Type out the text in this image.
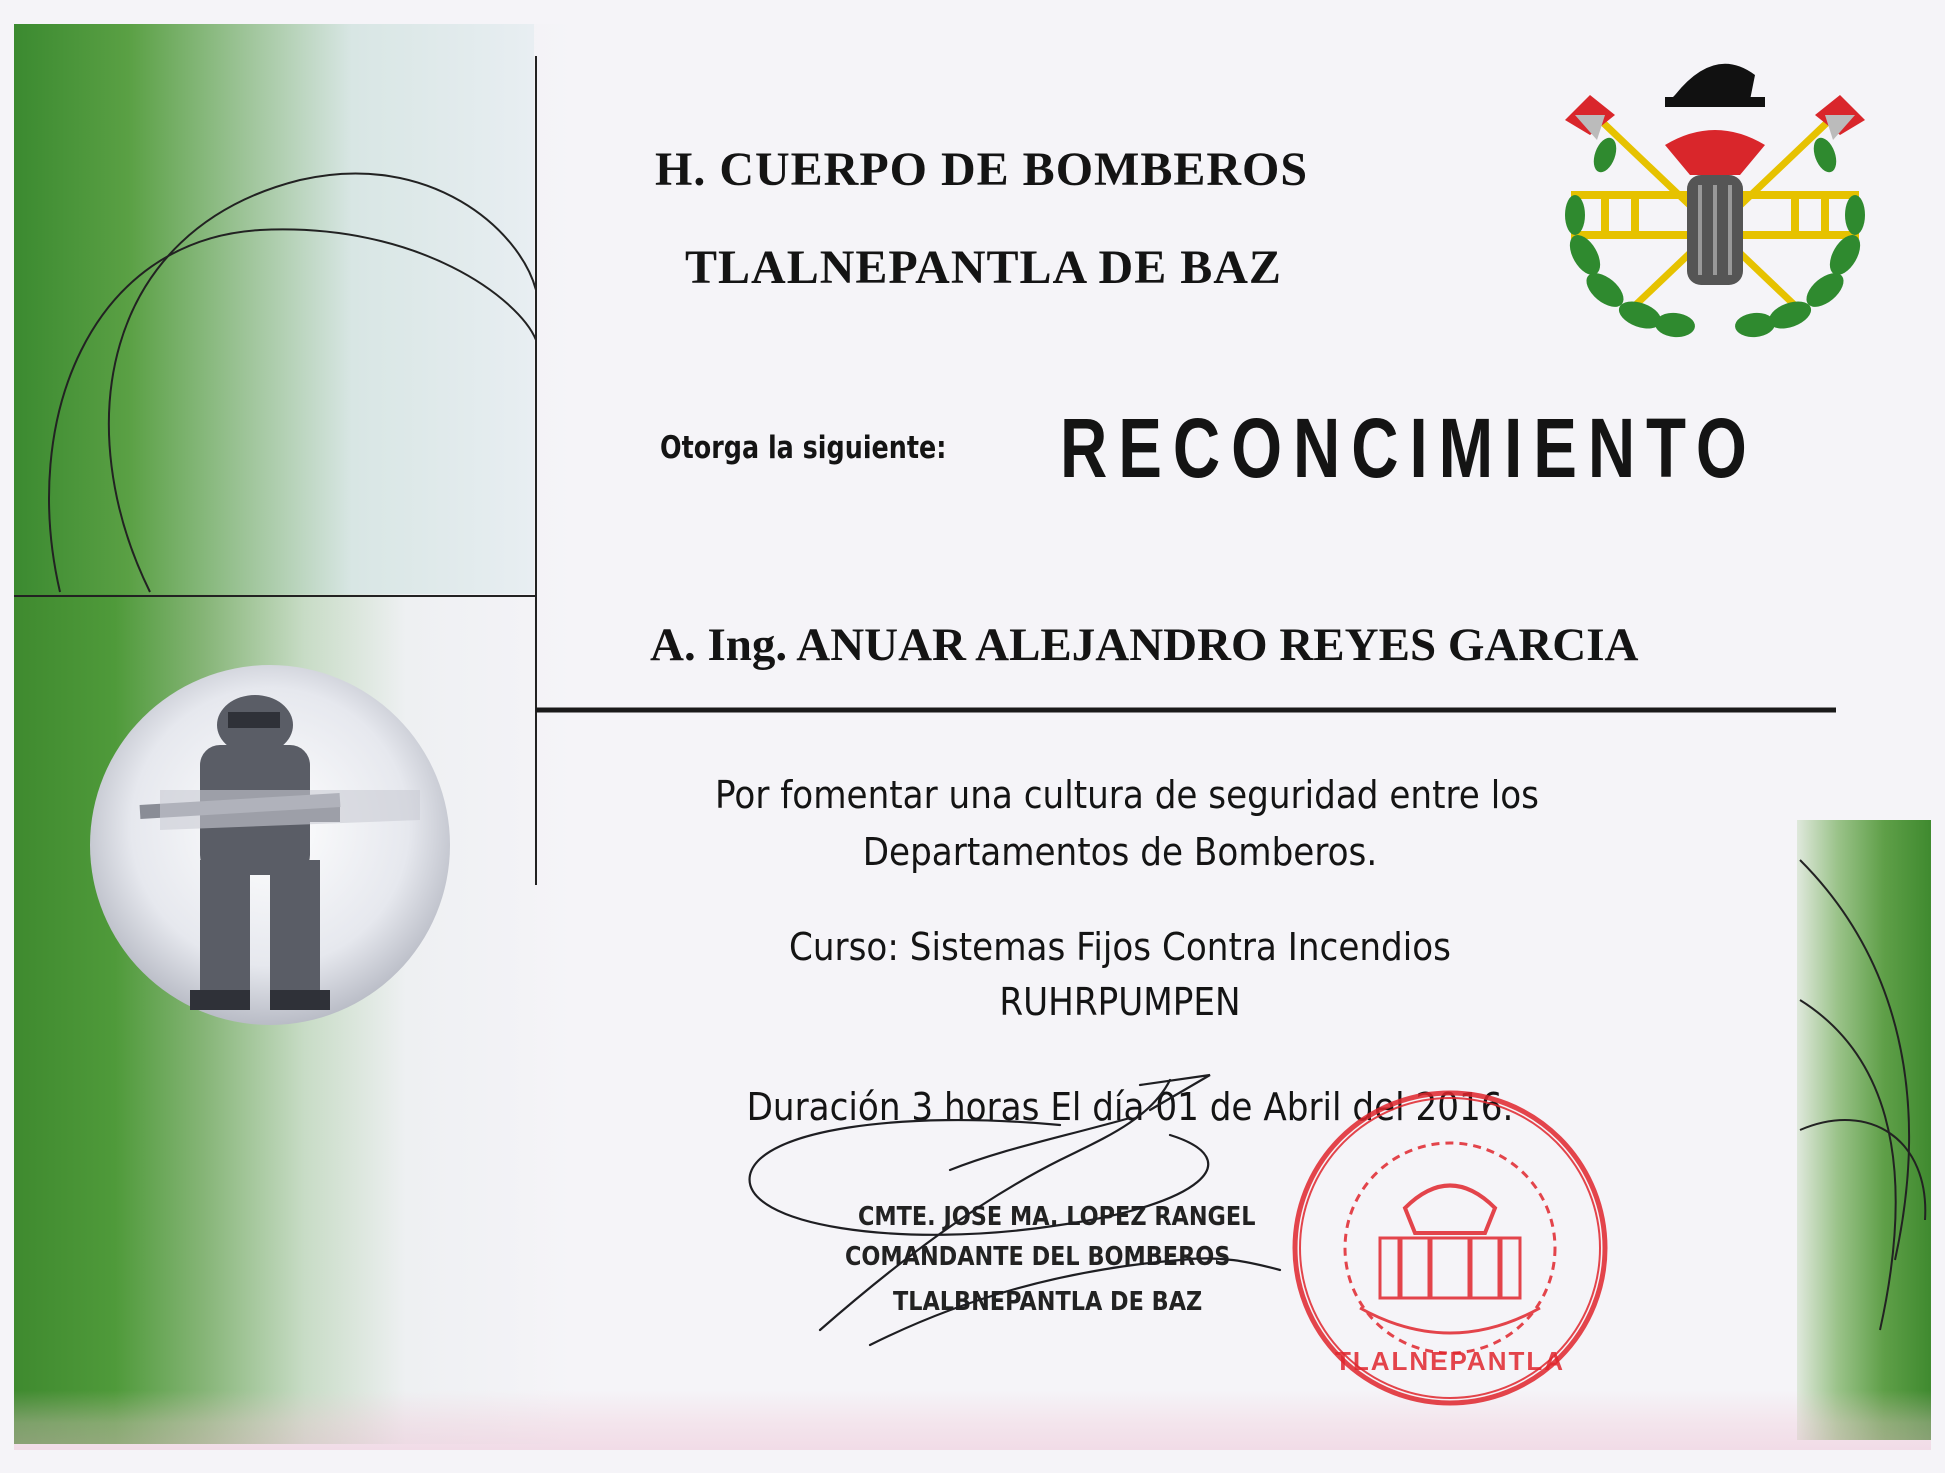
H. CUERPO DE BOMBEROS
TLALNEPANTLA DE BAZ
Otorga la siguiente: RECONCIMIENTO
A. Ing. ANUAR ALEJANDRO REYES GARCIA
Por fomentar una cultura de seguridad entre los
Departamentos de Bomberos.
Curso: Sistemas Fijos Contra Incendios
RUHRPUMPEN
Duración 3 horas El día 01 de Abril del 2016.
TLALNEPANTLA
CMTE. JOSE MA. LOPEZ RANGEL
COMANDANTE DEL BOMBEROS
TLALBNEPANTLA DE BAZ
